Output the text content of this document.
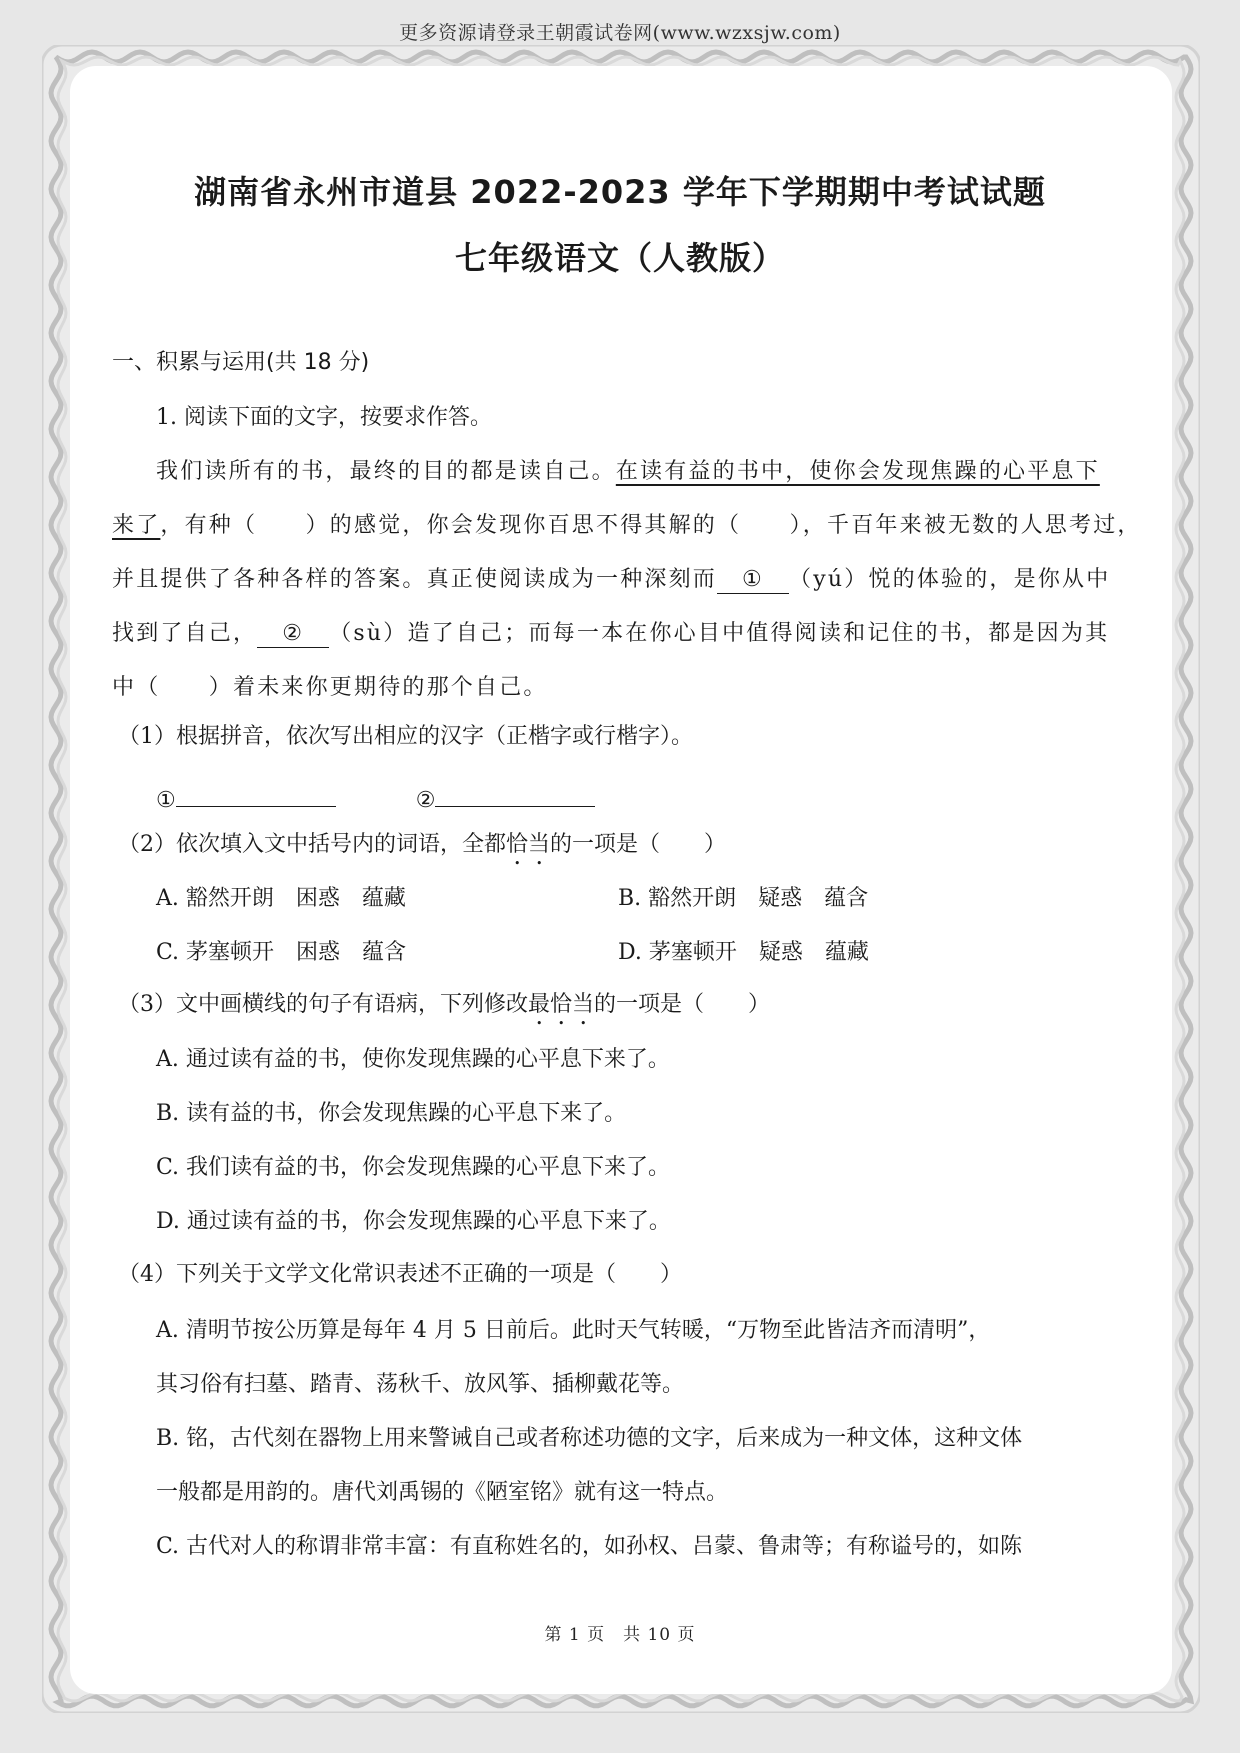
更多资源请登录王朝霞试卷网(www.wzxsjw.com)
湖南省永州市道县 2022-2023 学年下学期期中考试试题
七年级语文（人教版）
一、积累与运用(共 18 分)
1. 阅读下面的文字，按要求作答。
我们读所有的书，最终的目的都是读自己。在读有益的书中，使你会发现焦躁的心平息下
来了，有种（　　）的感觉，你会发现你百思不得其解的（　　），千百年来被无数的人思考过，
并且提供了各种各样的答案。真正使阅读成为一种深刻而 ① （yú）悦的体验的，是你从中
找到了自己， ② （sù）造了自己；而每一本在你心目中值得阅读和记住的书，都是因为其
中（　　）着未来你更期待的那个自己。
（1）根据拼音，依次写出相应的汉字（正楷字或行楷字）。
①	②
（2）依次填入文中括号内的词语，全都恰当的一项是（　　）
A. 豁然开朗　困惑　蕴藏	B. 豁然开朗　疑惑　蕴含
C. 茅塞顿开　困惑　蕴含	D. 茅塞顿开　疑惑　蕴藏
（3）文中画横线的句子有语病，下列修改最恰当的一项是（　　）
A. 通过读有益的书，使你发现焦躁的心平息下来了。
B. 读有益的书，你会发现焦躁的心平息下来了。
C. 我们读有益的书，你会发现焦躁的心平息下来了。
D. 通过读有益的书，你会发现焦躁的心平息下来了。
（4）下列关于文学文化常识表述不正确的一项是（　　）
A. 清明节按公历算是每年 4 月 5 日前后。此时天气转暖，“万物至此皆洁齐而清明”，
其习俗有扫墓、踏青、荡秋千、放风筝、插柳戴花等。
B. 铭，古代刻在器物上用来警诫自己或者称述功德的文字，后来成为一种文体，这种文体
一般都是用韵的。唐代刘禹锡的《陋室铭》就有这一特点。
C. 古代对人的称谓非常丰富：有直称姓名的，如孙权、吕蒙、鲁肃等；有称谥号的，如陈
第 1 页　共 10 页
